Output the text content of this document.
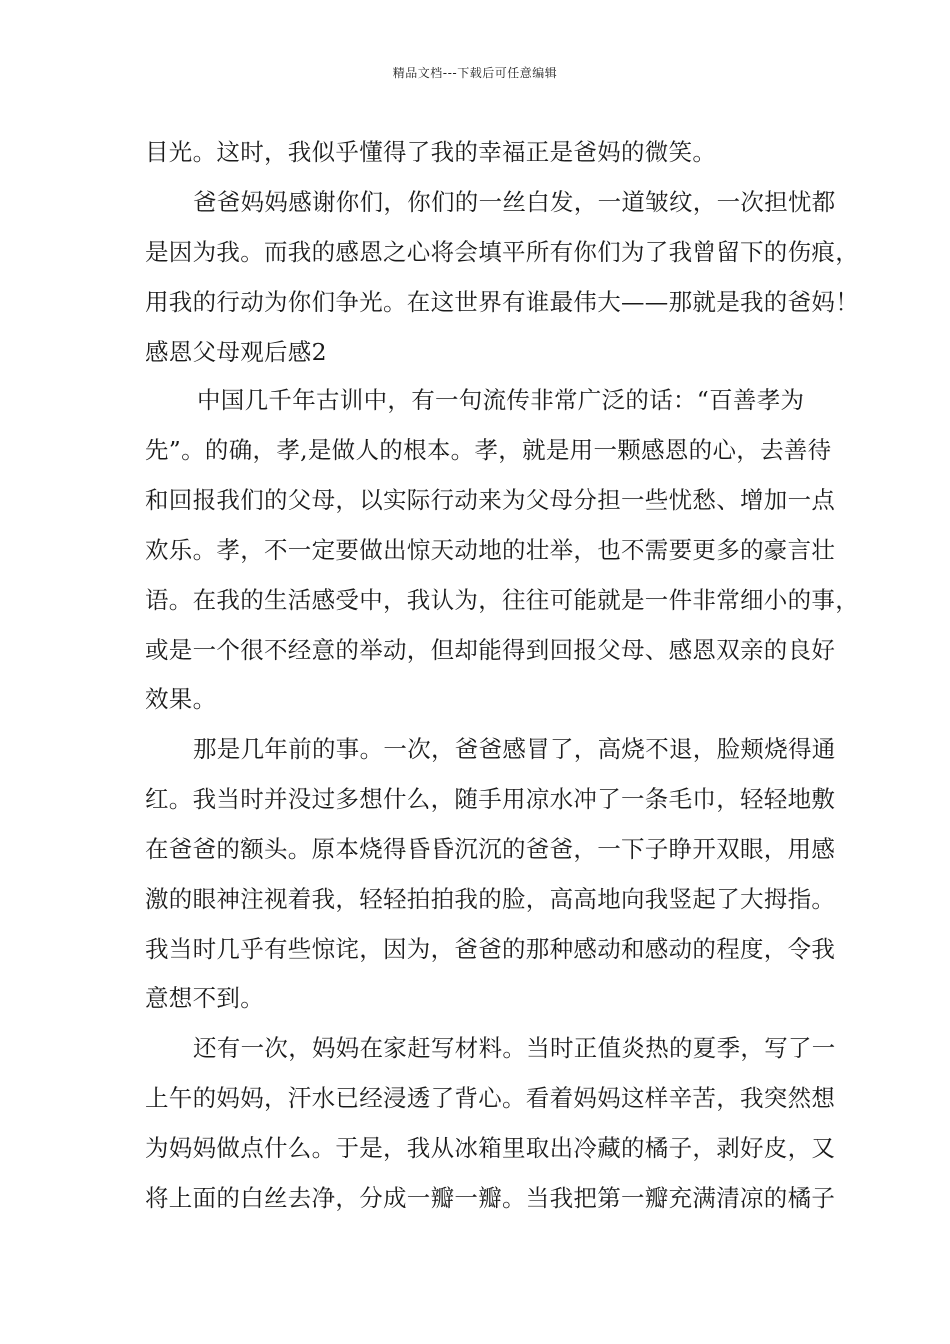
精品文档---下载后可任意编辑
目光。这时，我似乎懂得了我的幸福正是爸妈的微笑。
爸爸妈妈感谢你们，你们的一丝白发，一道皱纹，一次担忧都
是因为我。而我的感恩之心将会填平所有你们为了我曾留下的伤痕，
用我的行动为你们争光。在这世界有谁最伟大——那就是我的爸妈！
感恩父母观后感2
中国几千年古训中，有一句流传非常广泛的话：“百善孝为
先”。的确，孝,是做人的根本。孝，就是用一颗感恩的心，去善待
和回报我们的父母，以实际行动来为父母分担一些忧愁、增加一点
欢乐。孝，不一定要做出惊天动地的壮举，也不需要更多的豪言壮
语。在我的生活感受中，我认为，往往可能就是一件非常细小的事，
或是一个很不经意的举动，但却能得到回报父母、感恩双亲的良好
效果。
那是几年前的事。一次，爸爸感冒了，高烧不退，脸颊烧得通
红。我当时并没过多想什么，随手用凉水冲了一条毛巾，轻轻地敷
在爸爸的额头。原本烧得昏昏沉沉的爸爸，一下子睁开双眼，用感
激的眼神注视着我，轻轻拍拍我的脸，高高地向我竖起了大拇指。
我当时几乎有些惊诧，因为，爸爸的那种感动和感动的程度，令我
意想不到。
还有一次，妈妈在家赶写材料。当时正值炎热的夏季，写了一
上午的妈妈，汗水已经浸透了背心。看着妈妈这样辛苦，我突然想
为妈妈做点什么。于是，我从冰箱里取出冷藏的橘子，剥好皮，又
将上面的白丝去净，分成一瓣一瓣。当我把第一瓣充满清凉的橘子
